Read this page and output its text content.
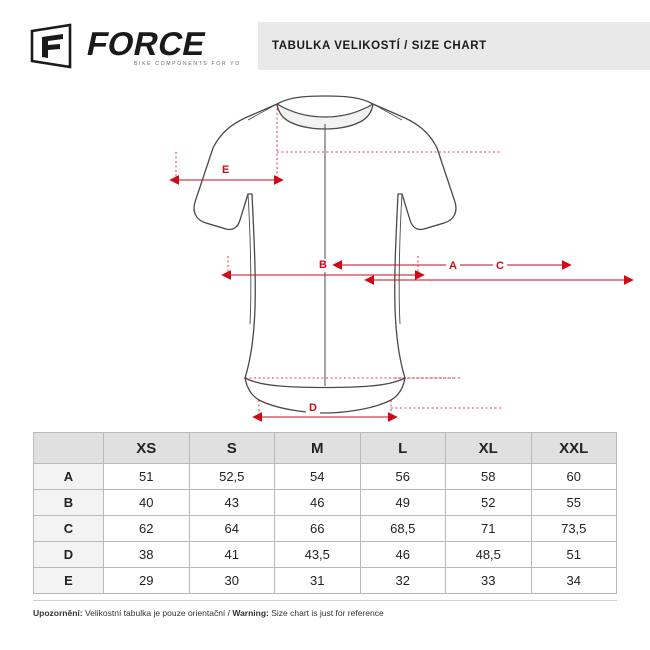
FORCE
BIKE COMPONENTS FOR YOU
TABULKA VELIKOSTÍ / SIZE CHART
E
B
D
A	C
	XS	S	M	L	XL	XXL
A	51	52,5	54	56	58	60
B	40	43	46	49	52	55
C	62	64	66	68,5	71	73,5
D	38	41	43,5	46	48,5	51
E	29	30	31	32	33	34
Upozornění: Velikostní tabulka je pouze orientační / Warning: Size chart is just for reference
